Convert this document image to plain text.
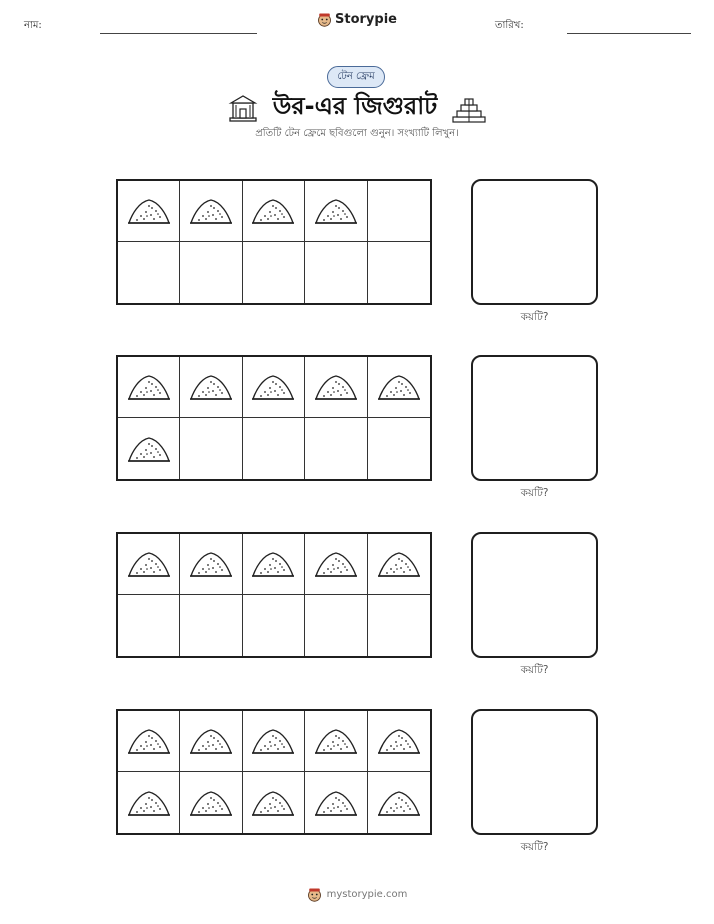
নাম:	Storypie	তারিখ:
টেন ফ্রেম
উর-এর জিগুরাট
প্রতিটি টেন ফ্রেমে ছবিগুলো গুনুন। সংখ্যাটি লিখুন।
কয়টি?
কয়টি?
কয়টি?
কয়টি?
mystorypie.com
